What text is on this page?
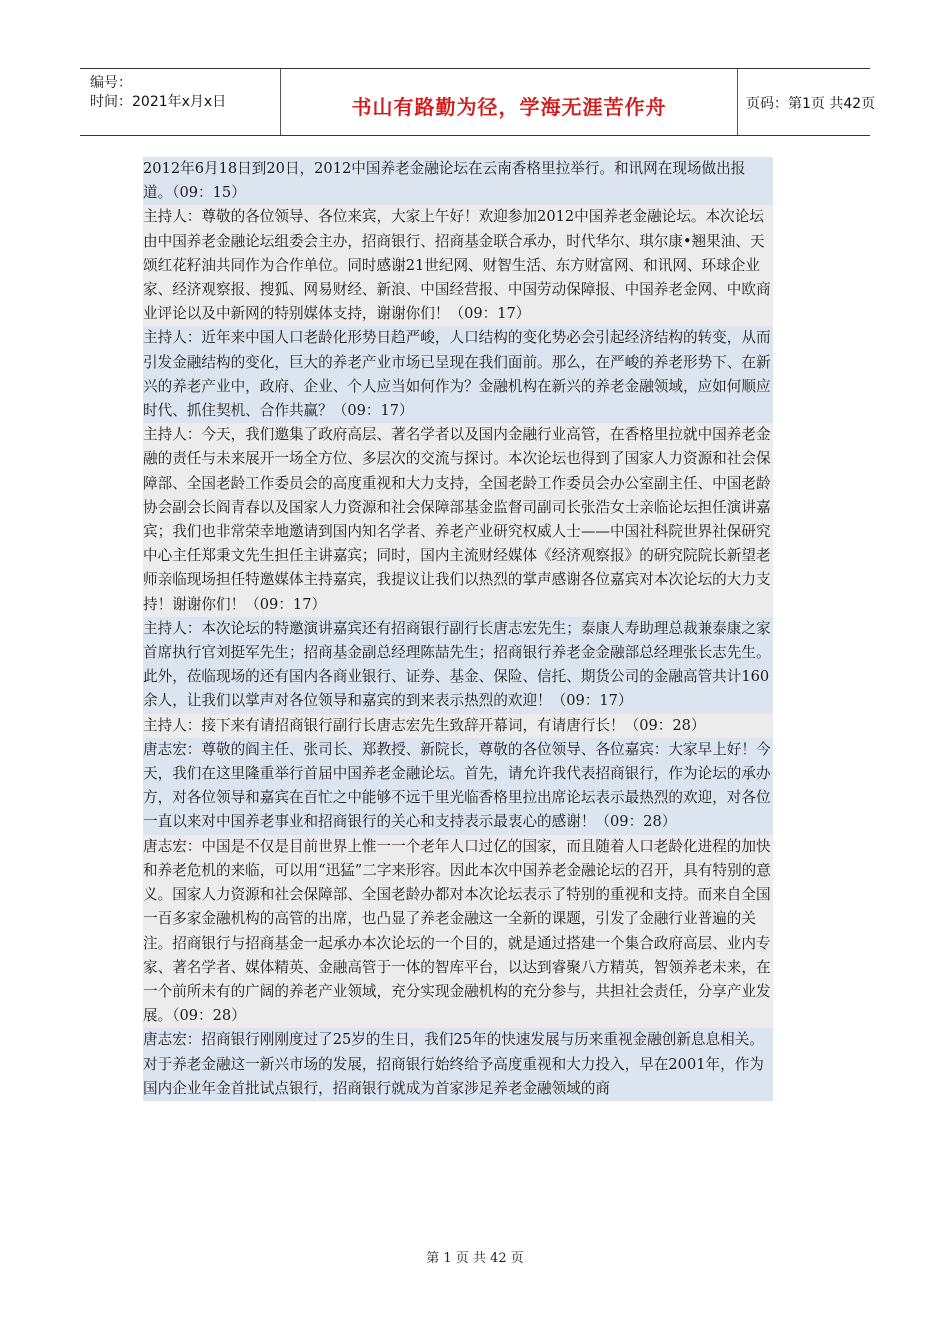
编号：
时间：2021年x月x日	书山有路勤为径，学海无涯苦作舟	页码：第1页 共42页

2012年6月18日到20日，2012中国养老金融论坛在云南香格里拉举行。和讯网在现场做出报道。（09：15）

主持人：尊敬的各位领导、各位来宾，大家上午好！欢迎参加2012中国养老金融论坛。本次论坛由中国养老金融论坛组委会主办，招商银行、招商基金联合承办，时代华尔、琪尔康•翘果油、天颂红花籽油共同作为合作单位。同时感谢21世纪网、财智生活、东方财富网、和讯网、环球企业家、经济观察报、搜狐、网易财经、新浪、中国经营报、中国劳动保障报、中国养老金网、中欧商业评论以及中新网的特别媒体支持，谢谢你们！（09：17）

主持人：近年来中国人口老龄化形势日趋严峻，人口结构的变化势必会引起经济结构的转变，从而引发金融结构的变化，巨大的养老产业市场已呈现在我们面前。那么，在严峻的养老形势下、在新兴的养老产业中，政府、企业、个人应当如何作为？金融机构在新兴的养老金融领域，应如何顺应时代、抓住契机、合作共赢？（09：17）

主持人：今天，我们邀集了政府高层、著名学者以及国内金融行业高管，在香格里拉就中国养老金融的责任与未来展开一场全方位、多层次的交流与探讨。本次论坛也得到了国家人力资源和社会保障部、全国老龄工作委员会的高度重视和大力支持，全国老龄工作委员会办公室副主任、中国老龄协会副会长阎青春以及国家人力资源和社会保障部基金监督司副司长张浩女士亲临论坛担任演讲嘉宾；我们也非常荣幸地邀请到国内知名学者、养老产业研究权威人士——中国社科院世界社保研究中心主任郑秉文先生担任主讲嘉宾；同时，国内主流财经媒体《经济观察报》的研究院院长新望老师亲临现场担任特邀媒体主持嘉宾，我提议让我们以热烈的掌声感谢各位嘉宾对本次论坛的大力支持！谢谢你们！（09：17）

主持人：本次论坛的特邀演讲嘉宾还有招商银行副行长唐志宏先生；泰康人寿助理总裁兼泰康之家首席执行官刘挺军先生；招商基金副总经理陈喆先生；招商银行养老金金融部总经理张长志先生。此外，莅临现场的还有国内各商业银行、证券、基金、保险、信托、期货公司的金融高管共计160余人，让我们以掌声对各位领导和嘉宾的到来表示热烈的欢迎！（09：17）

主持人：接下来有请招商银行副行长唐志宏先生致辞开幕词，有请唐行长！（09：28）

唐志宏：尊敬的阎主任、张司长、郑教授、新院长，尊敬的各位领导、各位嘉宾：大家早上好！今天，我们在这里隆重举行首届中国养老金融论坛。首先，请允许我代表招商银行，作为论坛的承办方，对各位领导和嘉宾在百忙之中能够不远千里光临香格里拉出席论坛表示最热烈的欢迎，对各位一直以来对中国养老事业和招商银行的关心和支持表示最衷心的感谢！（09：28）

唐志宏：中国是不仅是目前世界上惟一一个老年人口过亿的国家，而且随着人口老龄化进程的加快和养老危机的来临，可以用“迅猛”二字来形容。因此本次中国养老金融论坛的召开，具有特别的意义。国家人力资源和社会保障部、全国老龄办都对本次论坛表示了特别的重视和支持。而来自全国一百多家金融机构的高管的出席，也凸显了养老金融这一全新的课题，引发了金融行业普遍的关注。招商银行与招商基金一起承办本次论坛的一个目的，就是通过搭建一个集合政府高层、业内专家、著名学者、媒体精英、金融高管于一体的智库平台，以达到睿聚八方精英，智领养老未来，在一个前所未有的广阔的养老产业领域，充分实现金融机构的充分参与，共担社会责任，分享产业发展。（09：28）

唐志宏：招商银行刚刚度过了25岁的生日，我们25年的快速发展与历来重视金融创新息息相关。对于养老金融这一新兴市场的发展，招商银行始终给予高度重视和大力投入，早在2001年，作为国内企业年金首批试点银行，招商银行就成为首家涉足养老金融领域的商

第 1 页 共 42 页
